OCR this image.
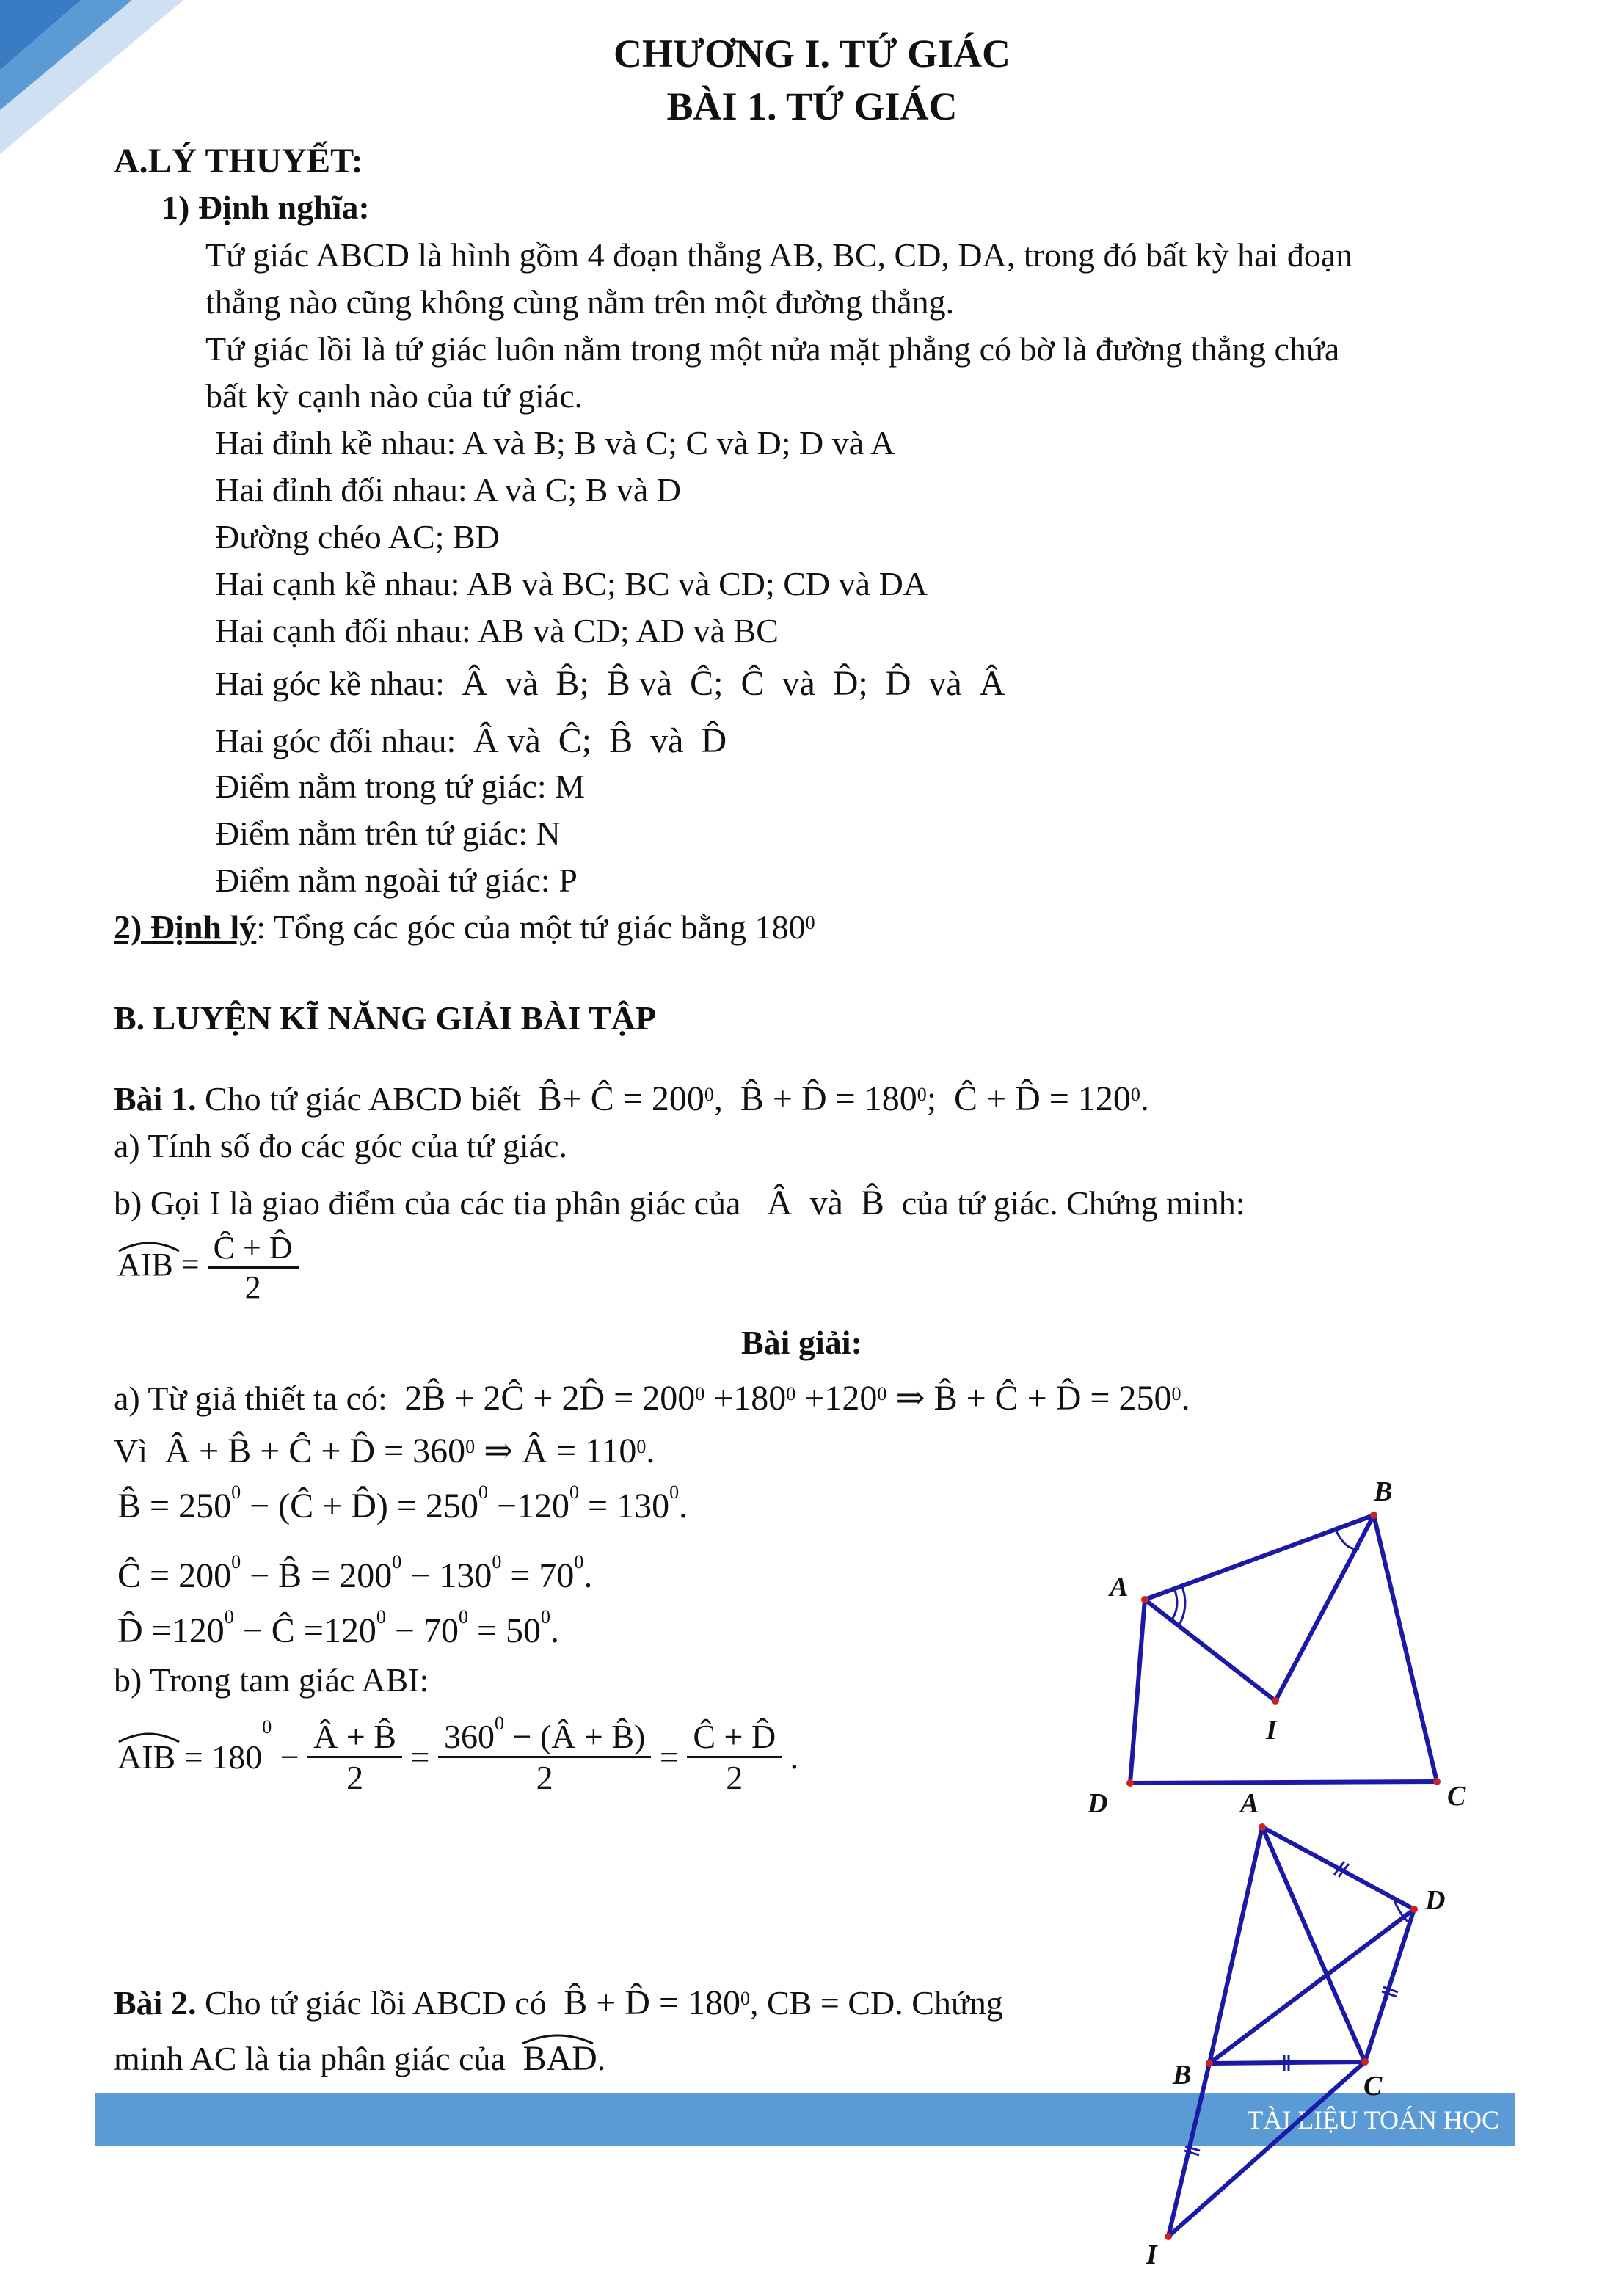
CHƯƠNG I. TỨ GIÁC
BÀI 1. TỨ GIÁC
A.LÝ THUYẾT:
1) Định nghĩa:
Tứ giác ABCD là hình gồm 4 đoạn thẳng AB, BC, CD, DA, trong đó bất kỳ hai đoạn
thẳng nào cũng không cùng nằm trên một đường thẳng.
Tứ giác lồi là tứ giác luôn nằm trong một nửa mặt phẳng có bờ là đường thẳng chứa
bất kỳ cạnh nào của tứ giác.
Hai đỉnh kề nhau: A và B; B và C; C và D; D và A
Hai đỉnh đối nhau: A và C; B và D
Đường chéo AC; BD
Hai cạnh kề nhau: AB và BC; BC và CD; CD và DA
Hai cạnh đối nhau: AB và CD; AD và BC
Hai góc kề nhau:  Â  và  B̂;  B̂ và  Ĉ;  Ĉ  và  D̂;  D̂  và  Â
Hai góc đối nhau:  Â và  Ĉ;  B̂  và  D̂
Điểm nằm trong tứ giác: M
Điểm nằm trên tứ giác: N
Điểm nằm ngoài tứ giác: P
2) Định lý: Tổng các góc của một tứ giác bằng $180^0$
B. LUYỆN KĨ NĂNG GIẢI BÀI TẬP
Bài 1. Cho tứ giác ABCD biết  B̂+ Ĉ = $200^0$,  B̂ + D̂ = $180^0$;  Ĉ + D̂ = $120^0$.
a) Tính số đo các góc của tứ giác.
b) Gọi I là giao điểm của các tia phân giác của   Â  và  B̂  của tứ giác. Chứng minh:
AIB
= $\frac{Ĉ + D̂}{2}$
Bài giải:
a) Từ giả thiết ta có:  2B̂ + 2Ĉ + 2D̂ = $200^0 +180^0 +120^0$ ⇒ B̂ + Ĉ + D̂ = $250^0$.
Vì  Â + B̂ + Ĉ + D̂ = $360^0$ ⇒ Â = $110^0$.
B̂ = $250^0$ − (Ĉ + D̂) = $250^0 -120^0 = 130^0$.
Ĉ = $200^0$ − B̂ = $200^0 - 130^0 = 70^0$.
D̂ $=120^0$ − Ĉ $=120^0 - 70^0 = 50^0$.
b) Trong tam giác ABI:
AIB
= $180^0 - \frac{Â + B̂}{2} = \frac{360^0 - (Â + B̂)}{2} = \frac{Ĉ + D̂}{2}$ .
Bài 2. Cho tứ giác lồi ABCD có  B̂ + D̂ = $180^0$, CB = CD. Chứng
minh AC là tia phân giác của  BAD
.
A
B
C
D
I
TÀI LIỆU TOÁN HỌC
A
B	C
D
I
